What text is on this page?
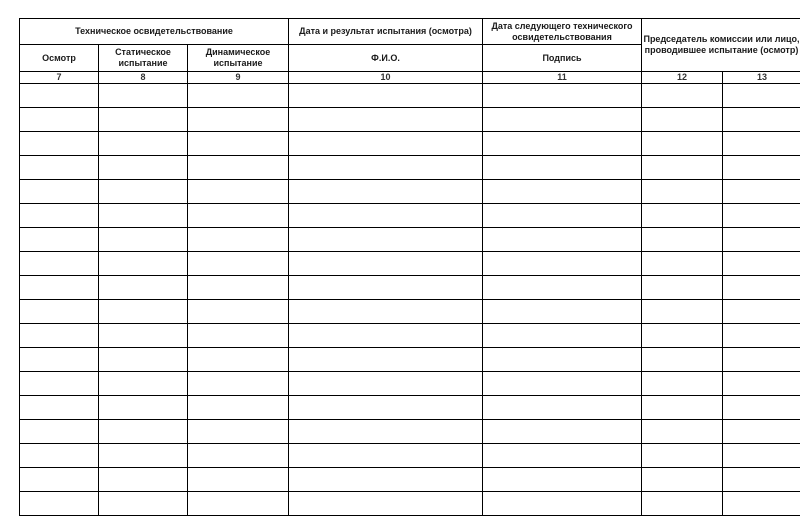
Техническое освидетельствование			Дата и результат испытания (осмотра)	Дата следующего технического освидетельствования	Председатель комиссии или лицо, проводившее испытание (осмотр)	

Осмотр	Статическое испытание	Динамическое испытание	Ф.И.О.	Подпись		

7	8	9	10	11	12	13
